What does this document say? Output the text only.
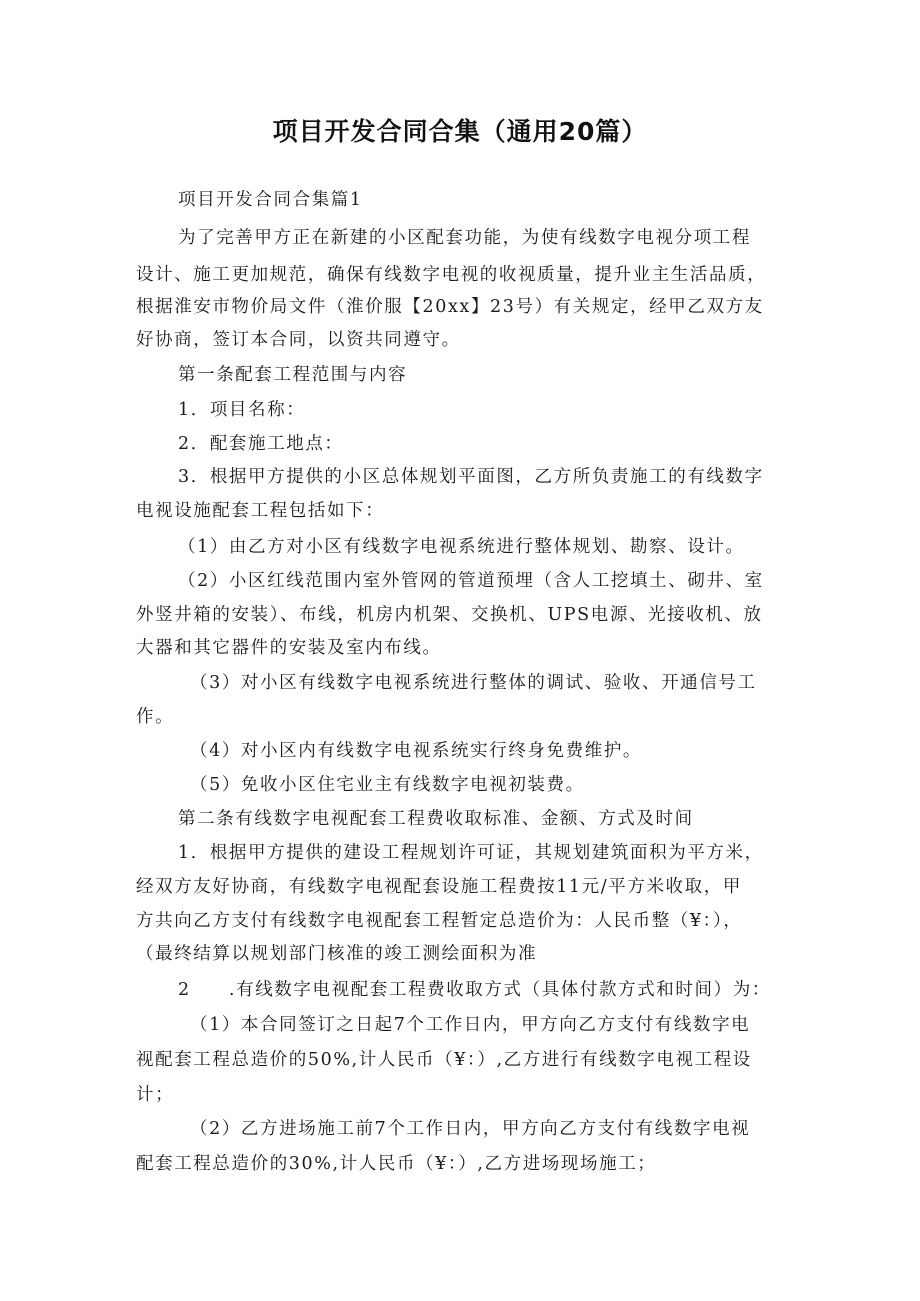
项目开发合同合集（通用20篇）
项目开发合同合集篇1
为了完善甲方正在新建的小区配套功能，为使有线数字电视分项工程
设计、施工更加规范，确保有线数字电视的收视质量，提升业主生活品质，
根据淮安市物价局文件（淮价服【20xx】23号）有关规定，经甲乙双方友
好协商，签订本合同，以资共同遵守。
第一条配套工程范围与内容
1．项目名称：
2．配套施工地点：
3．根据甲方提供的小区总体规划平面图，乙方所负责施工的有线数字
电视设施配套工程包括如下：
（1）由乙方对小区有线数字电视系统进行整体规划、勘察、设计。
（2）小区红线范围内室外管网的管道预埋（含人工挖填土、砌井、室
外竖井箱的安装）、布线，机房内机架、交换机、UPS电源、光接收机、放
大器和其它器件的安装及室内布线。
（3）对小区有线数字电视系统进行整体的调试、验收、开通信号工
作。
（4）对小区内有线数字电视系统实行终身免费维护。
（5）免收小区住宅业主有线数字电视初装费。
第二条有线数字电视配套工程费收取标准、金额、方式及时间
1．根据甲方提供的建设工程规划许可证，其规划建筑面积为平方米，
经双方友好协商，有线数字电视配套设施工程费按11元/平方米收取，甲
方共向乙方支付有线数字电视配套工程暂定总造价为：人民币整（¥：），
（最终结算以规划部门核准的竣工测绘面积为准
2　　.有线数字电视配套工程费收取方式（具体付款方式和时间）为：
（1）本合同签订之日起7个工作日内，甲方向乙方支付有线数字电
视配套工程总造价的50%,计人民币（¥：）,乙方进行有线数字电视工程设
计；
（2）乙方进场施工前7个工作日内，甲方向乙方支付有线数字电视
配套工程总造价的30%,计人民币（¥：）,乙方进场现场施工；
